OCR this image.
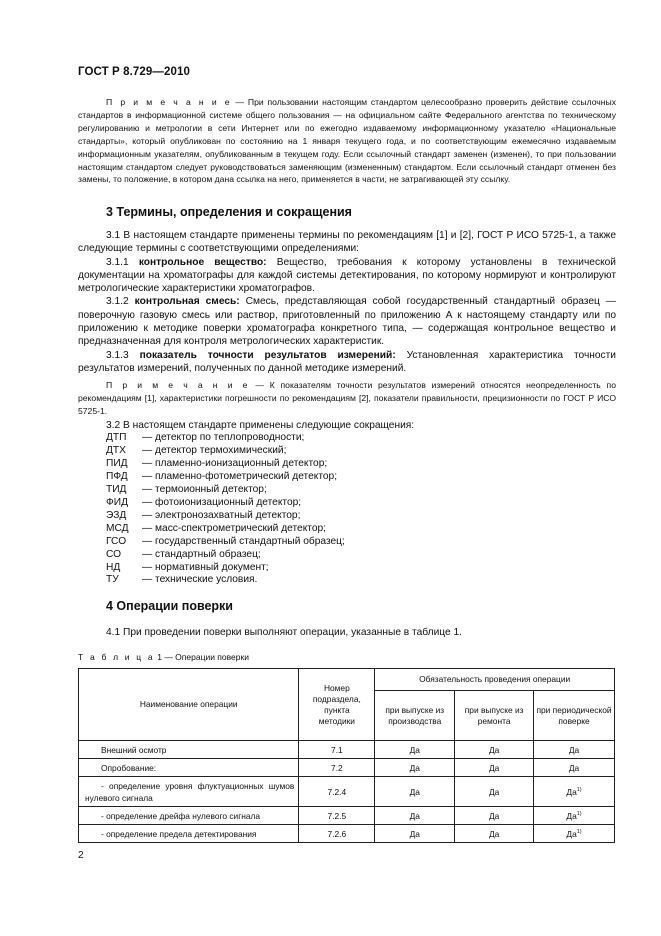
ГОСТ Р 8.729—2010

П р и м е ч а н и е — При пользовании настоящим стандартом целесообразно проверить действие ссылочных стандартов в информационной системе общего пользования — на официальном сайте Федерального агентства по техническому регулированию и метрологии в сети Интернет или по ежегодно издаваемому информационному указателю «Национальные стандарты», который опубликован по состоянию на 1 января текущего года, и по соответствующим ежемесячно издаваемым информационным указателям, опубликованным в текущем году. Если ссылочный стандарт заменен (изменен), то при пользовании настоящим стандартом следует руководствоваться заменяющим (измененным) стандартом. Если ссылочный стандарт отменен без замены, то положение, в котором дана ссылка на него, применяется в части, не затрагивающей эту ссылку.

3 Термины, определения и сокращения

3.1 В настоящем стандарте применены термины по рекомендациям [1] и [2], ГОСТ Р ИСО 5725-1, а также следующие термины с соответствующими определениями:

3.1.1 контрольное вещество: Вещество, требования к которому установлены в технической документации на хроматографы для каждой системы детектирования, по которому нормируют и контролируют метрологические характеристики хроматографов.

3.1.2 контрольная смесь: Смесь, представляющая собой государственный стандартный образец — поверочную газовую смесь или раствор, приготовленный по приложению А к настоящему стандарту или по приложению к методике поверки хроматографа конкретного типа, — содержащая контрольное вещество и предназначенная для контроля метрологических характеристик.

3.1.3 показатель точности результатов измерений: Установленная характеристика точности результатов измерений, полученных по данной методике измерений.

П р и м е ч а н и е — К показателям точности результатов измерений относятся неопределенность по рекомендациям [1], характеристики погрешности по рекомендациям [2], показатели правильности, прецизионности по ГОСТ Р ИСО 5725-1.

3.2 В настоящем стандарте применены следующие сокращения:

ДТП	— детектор по теплопроводности;
ДТХ	— детектор термохимический;
ПИД	— пламенно-ионизационный детектор;
ПФД	— пламенно-фотометрический детектор;
ТИД	— термоионный детектор;
ФИД	— фотоионизационный детектор;
ЭЗД	— электронозахватный детектор;
МСД	— масс-спектрометрический детектор;
ГСО	— государственный стандартный образец;
СО	— стандартный образец;
НД	— нормативный документ;
ТУ	— технические условия.
4 Операции поверки

4.1 При проведении поверки выполняют операции, указанные в таблице 1.

Т а б л и ц а 1 — Операции поверки
Наименование операции	Номер подраздела, пункта методики	Обязательность проведения операции		
		при выпуске из производства	при выпуске из ремонта	при периодической поверке
Внешний осмотр	7.1	Да	Да	Да
Опробование:	7.2	Да	Да	Да
- определение уровня флуктуационных шумов нулевого сигнала	7.2.4	Да	Да	$Да^{1)}$
- определение дрейфа нулевого сигнала	7.2.5	Да	Да	$Да^{1)}$
- определение предела детектирования	7.2.6	Да	Да	$Да^{1)}$
2
